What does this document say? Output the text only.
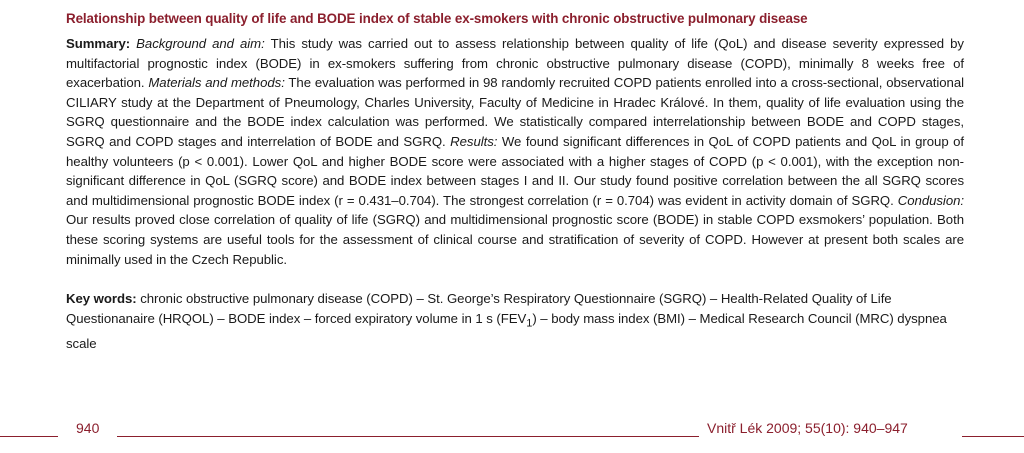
Relationship between quality of life and BODE index of stable ex-smokers with chronic obstructive pulmonary disease
Summary: Background and aim: This study was carried out to assess relationship between quality of life (QoL) and disease severity expressed by multifactorial prognostic index (BODE) in ex-smokers suffering from chronic obstructive pulmonary disease (COPD), minimally 8 weeks free of exacerbation. Materials and methods: The evaluation was performed in 98 randomly recruited COPD patients enrolled into a cross-sectional, observational CILIARY study at the Department of Pneumology, Charles University, Faculty of Medicine in Hradec Králové. In them, quality of life evaluation using the SGRQ questionnaire and the BODE index calculation was performed. We statistically compared interrelationship between BODE and COPD stages, SGRQ and COPD stages and interrelation of BODE and SGRQ. Results: We found significant differences in QoL of COPD patients and QoL in group of healthy volunteers (p < 0.001). Lower QoL and higher BODE score were associated with a higher stages of COPD (p < 0.001), with the exception non-significant difference in QoL (SGRQ score) and BODE index between stages I and II. Our study found positive correlation between the all SGRQ scores and multidimensional prognostic BODE index (r = 0.431–0.704). The strongest correlation (r = 0.704) was evident in activity domain of SGRQ. Condusion: Our results proved close correlation of quality of life (SGRQ) and multidimensional prognostic score (BODE) in stable COPD exsmokers’ population. Both these scoring systems are useful tools for the assessment of clinical course and stratification of severity of COPD. However at present both scales are minimally used in the Czech Republic.
Key words: chronic obstructive pulmonary disease (COPD) – St. George’s Respiratory Questionnaire (SGRQ) – Health-Related Quality of Life Questionanaire (HRQOL) – BODE index – forced expiratory volume in 1 s $(FEV_1)$ – body mass index (BMI) – Medical Research Council (MRC) dyspnea scale
940	Vnitř Lék 2009; 55(10): 940–947
